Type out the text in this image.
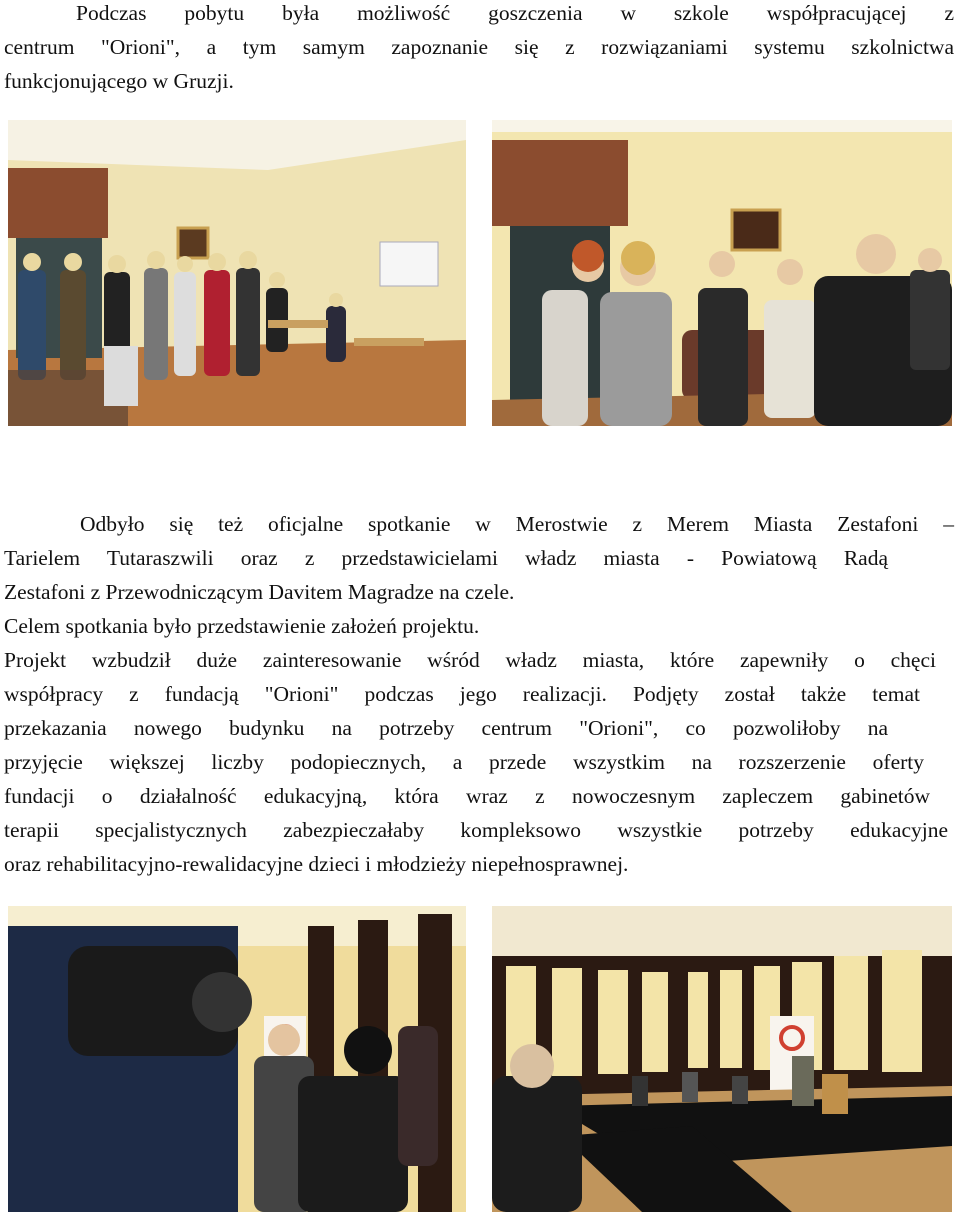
Podczas pobytu była możliwość goszczenia w szkole współpracującej z
centrum "Orioni", a tym samym zapoznanie się z rozwiązaniami systemu szkolnictwa
funkcjonującego w Gruzji.
Odbyło się też oficjalne spotkanie w Merostwie z Merem Miasta Zestafoni –
Tarielem Tutaraszwili oraz z przedstawicielami władz miasta - Powiatową Radą
Zestafoni z Przewodniczącym Davitem Magradze na czele.
Celem spotkania było przedstawienie założeń projektu.
Projekt wzbudził duże zainteresowanie wśród władz miasta, które zapewniły o chęci
współpracy z fundacją "Orioni" podczas jego realizacji. Podjęty został także temat
przekazania nowego budynku na potrzeby centrum "Orioni", co pozwoliłoby na
przyjęcie większej liczby podopiecznych, a przede wszystkim na rozszerzenie oferty
fundacji o działalność edukacyjną, która wraz z nowoczesnym zapleczem gabinetów
terapii specjalistycznych zabezpieczałaby kompleksowo wszystkie potrzeby edukacyjne
oraz rehabilitacyjno-rewalidacyjne dzieci i młodzieży niepełnosprawnej.
